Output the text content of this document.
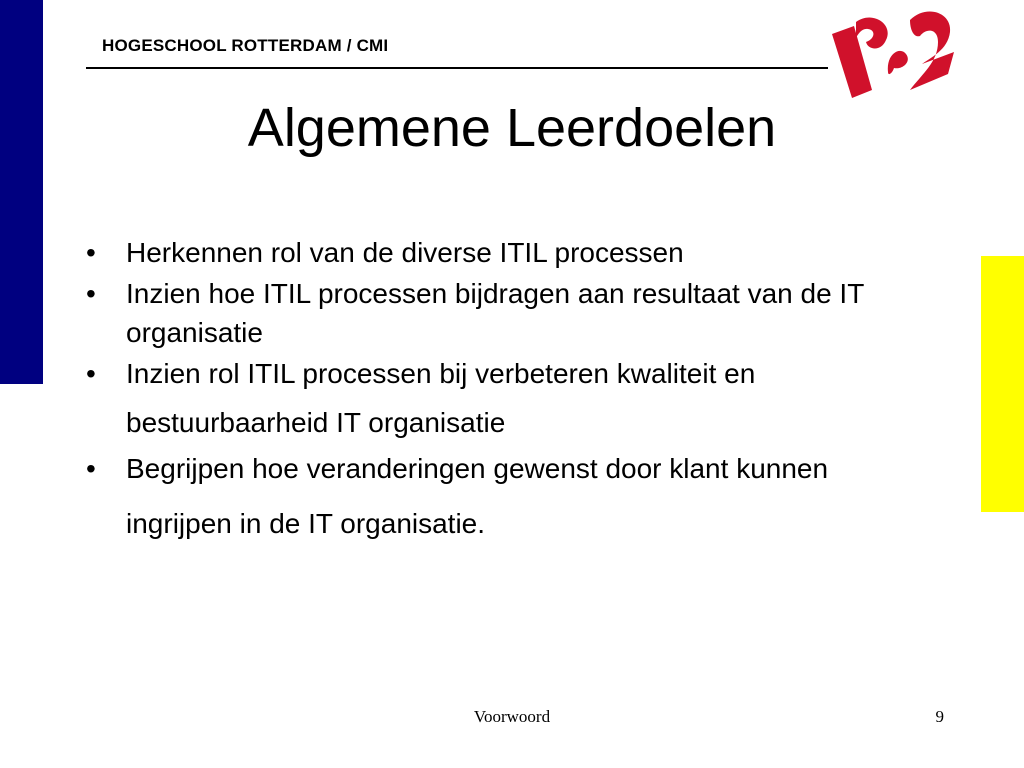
HOGESCHOOL ROTTERDAM / CMI
Algemene Leerdoelen
• Herkennen rol van de diverse ITIL processen
• Inzien hoe ITIL processen bijdragen aan resultaat van de IT organisatie
• Inzien rol ITIL processen bij verbeteren kwaliteit en bestuurbaarheid IT organisatie
• Begrijpen hoe veranderingen gewenst door klant kunnen ingrijpen in de IT organisatie.
Voorwoord	9
